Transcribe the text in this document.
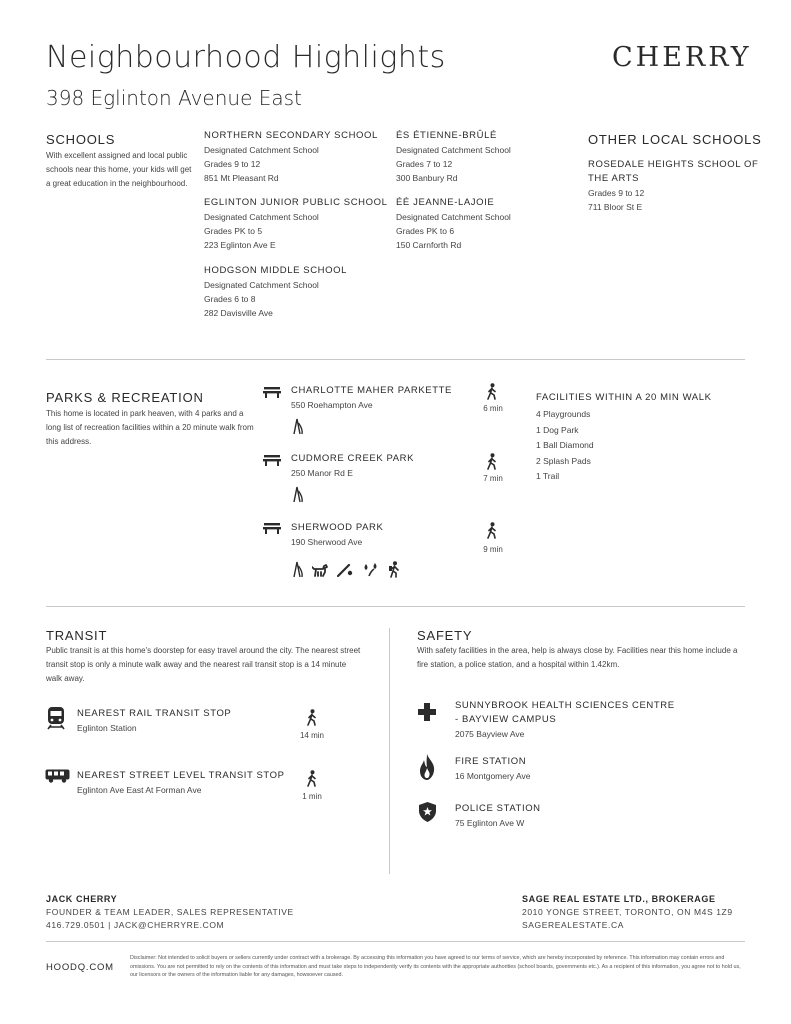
Neighbourhood Highlights
398 Eglinton Avenue East
CHERRY
SCHOOLS
With excellent assigned and local public schools near this home, your kids will get a great education in the neighbourhood.
NORTHERN SECONDARY SCHOOL
Designated Catchment School
Grades 9 to 12
851 Mt Pleasant Rd
EGLINTON JUNIOR PUBLIC SCHOOL
Designated Catchment School
Grades PK to 5
223 Eglinton Ave E
HODGSON MIDDLE SCHOOL
Designated Catchment School
Grades 6 to 8
282 Davisville Ave
ÉS ÉTIENNE-BRÛLÉ
Designated Catchment School
Grades 7 to 12
300 Banbury Rd
ÉÉ JEANNE-LAJOIE
Designated Catchment School
Grades PK to 6
150 Carnforth Rd
OTHER LOCAL SCHOOLS
ROSEDALE HEIGHTS SCHOOL OF THE ARTS
Grades 9 to 12
711 Bloor St E
PARKS & RECREATION
This home is located in park heaven, with 4 parks and a long list of recreation facilities within a 20 minute walk from this address.
CHARLOTTE MAHER PARKETTE
550 Roehampton Ave	6 min
CUDMORE CREEK PARK
250 Manor Rd E
7 min
SHERWOOD PARK
190 Sherwood Ave
9 min
FACILITIES WITHIN A 20 MIN WALK
4 Playgrounds
1 Dog Park
1 Ball Diamond
2 Splash Pads
1 Trail
TRANSIT
Public transit is at this home's doorstep for easy travel around the city. The nearest street transit stop is only a minute walk away and the nearest rail transit stop is a 14 minute walk away.
NEAREST RAIL TRANSIT STOP
Eglinton Station
14 min
NEAREST STREET LEVEL TRANSIT STOP
Eglinton Ave East At Forman Ave
1 min
SAFETY
With safety facilities in the area, help is always close by. Facilities near this home include a fire station, a police station, and a hospital within 1.42km.
SUNNYBROOK HEALTH SCIENCES CENTRE
- BAYVIEW CAMPUS
2075 Bayview Ave
FIRE STATION
16 Montgomery Ave
POLICE STATION
75 Eglinton Ave W
JACK CHERRY
FOUNDER & TEAM LEADER, SALES REPRESENTATIVE
416.729.0501 | JACK@CHERRYRE.COM
SAGE REAL ESTATE LTD., BROKERAGE
2010 YONGE STREET, TORONTO, ON M4S 1Z9
SAGEREALESTATE.CA
HOODQ.COM
Disclaimer: Not intended to solicit buyers or sellers currently under contract with a brokerage. By accessing this information you have agreed to our terms of service, which are hereby incorporated by reference. This information may contain errors and omissions. You are not permitted to rely on the contents of this information and must take steps to independently verify its contents with the appropriate authorities (school boards, governments etc.). As a recipient of this information, you agree not to hold us, our licensors or the owners of the information liable for any damages, howsoever caused.
